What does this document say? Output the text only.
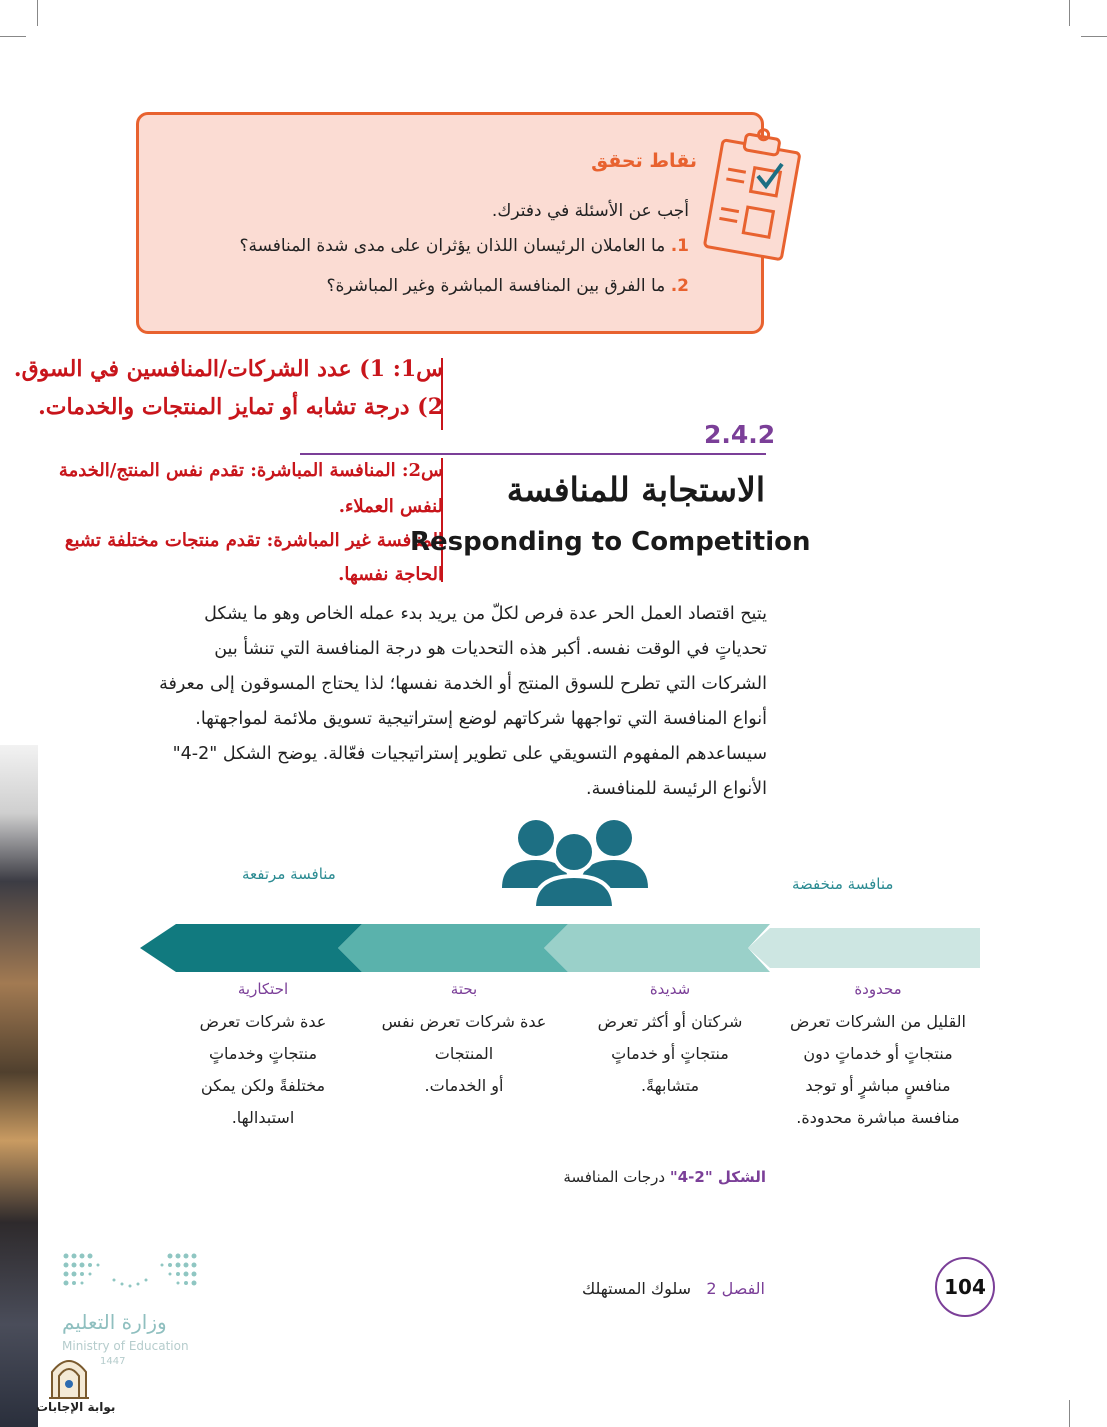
نقاط تحقق
أجب عن الأسئلة في دفترك.
1. ما العاملان الرئيسان اللذان يؤثران على مدى شدة المنافسة؟
2. ما الفرق بين المنافسة المباشرة وغير المباشرة؟
س1: 1) عدد الشركات/المنافسين في السوق.
2) درجة تشابه أو تمايز المنتجات والخدمات.
س2: المنافسة المباشرة: تقدم نفس المنتج/الخدمة
لنفس العملاء.
المنافسة غير المباشرة: تقدم منتجات مختلفة تشبع
الحاجة نفسها.
2.4.2
الاستجابة للمنافسة
Responding to Competition
يتيح اقتصاد العمل الحر عدة فرص لكلّ من يريد بدء عمله الخاص وهو ما يشكل
تحدياتٍ في الوقت نفسه. أكبر هذه التحديات هو درجة المنافسة التي تنشأ بين
الشركات التي تطرح للسوق المنتج أو الخدمة نفسها؛ لذا يحتاج المسوقون إلى معرفة
أنواع المنافسة التي تواجهها شركاتهم لوضع إستراتيجية تسويق ملائمة لمواجهتها.
سيساعدهم المفهوم التسويقي على تطوير إستراتيجيات فعّالة. يوضح الشكل "2-4"
الأنواع الرئيسة للمنافسة.
منافسة مرتفعة
منافسة منخفضة
احتكارية
عدة شركات تعرض
منتجاتٍ وخدماتٍ
مختلفةً ولكن يمكن
استبدالها.
بحتة
عدة شركات تعرض نفس
المنتجات
أو الخدمات.
شديدة
شركتان أو أكثر تعرض
منتجاتٍ أو خدماتٍ
متشابهةً.
محدودة
القليل من الشركات تعرض
منتجاتٍ أو خدماتٍ دون
منافسٍ مباشرٍ أو توجد
منافسة مباشرة محدودة.
الشكل "2-4" درجات المنافسة
وزارة التعليم
Ministry of Education
1447
بوابة الإجابات
الفصل 2   سلوك المستهلك	104
